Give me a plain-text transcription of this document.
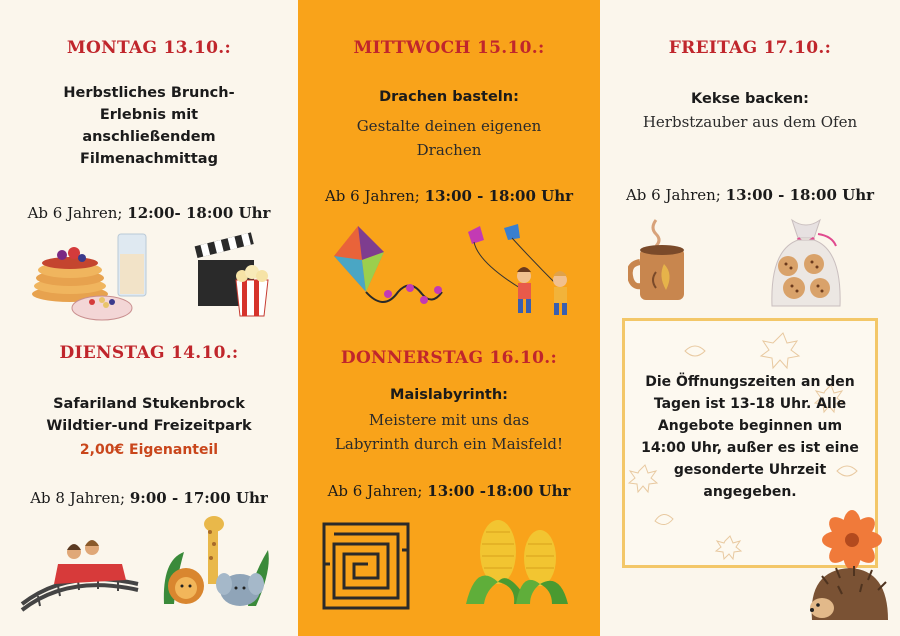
MONTAG 13.10.:
Herbstliches Brunch-
Erlebnis mit
anschließendem
Filmenachmittag
Ab 6 Jahren; 12:00- 18:00 Uhr
DIENSTAG 14.10.:
Safariland Stukenbrock
Wildtier-und Freizeitpark
2,00€ Eigenanteil
Ab 8 Jahren; 9:00 - 17:00 Uhr
MITTWOCH 15.10.:
Drachen basteln:
Gestalte deinen eigenen
Drachen
Ab 6 Jahren; 13:00 - 18:00 Uhr
DONNERSTAG 16.10.:
Maislabyrinth:
Meistere mit uns das
Labyrinth durch ein Maisfeld!
Ab 6 Jahren; 13:00 -18:00 Uhr
FREITAG 17.10.:
Kekse backen:
Herbstzauber aus dem Ofen
Ab 6 Jahren; 13:00 - 18:00 Uhr
Die Öffnungszeiten an den
Tagen ist 13-18 Uhr. Alle
Angebote beginnen um
14:00 Uhr, außer es ist eine
gesonderte Uhrzeit
angegeben.
